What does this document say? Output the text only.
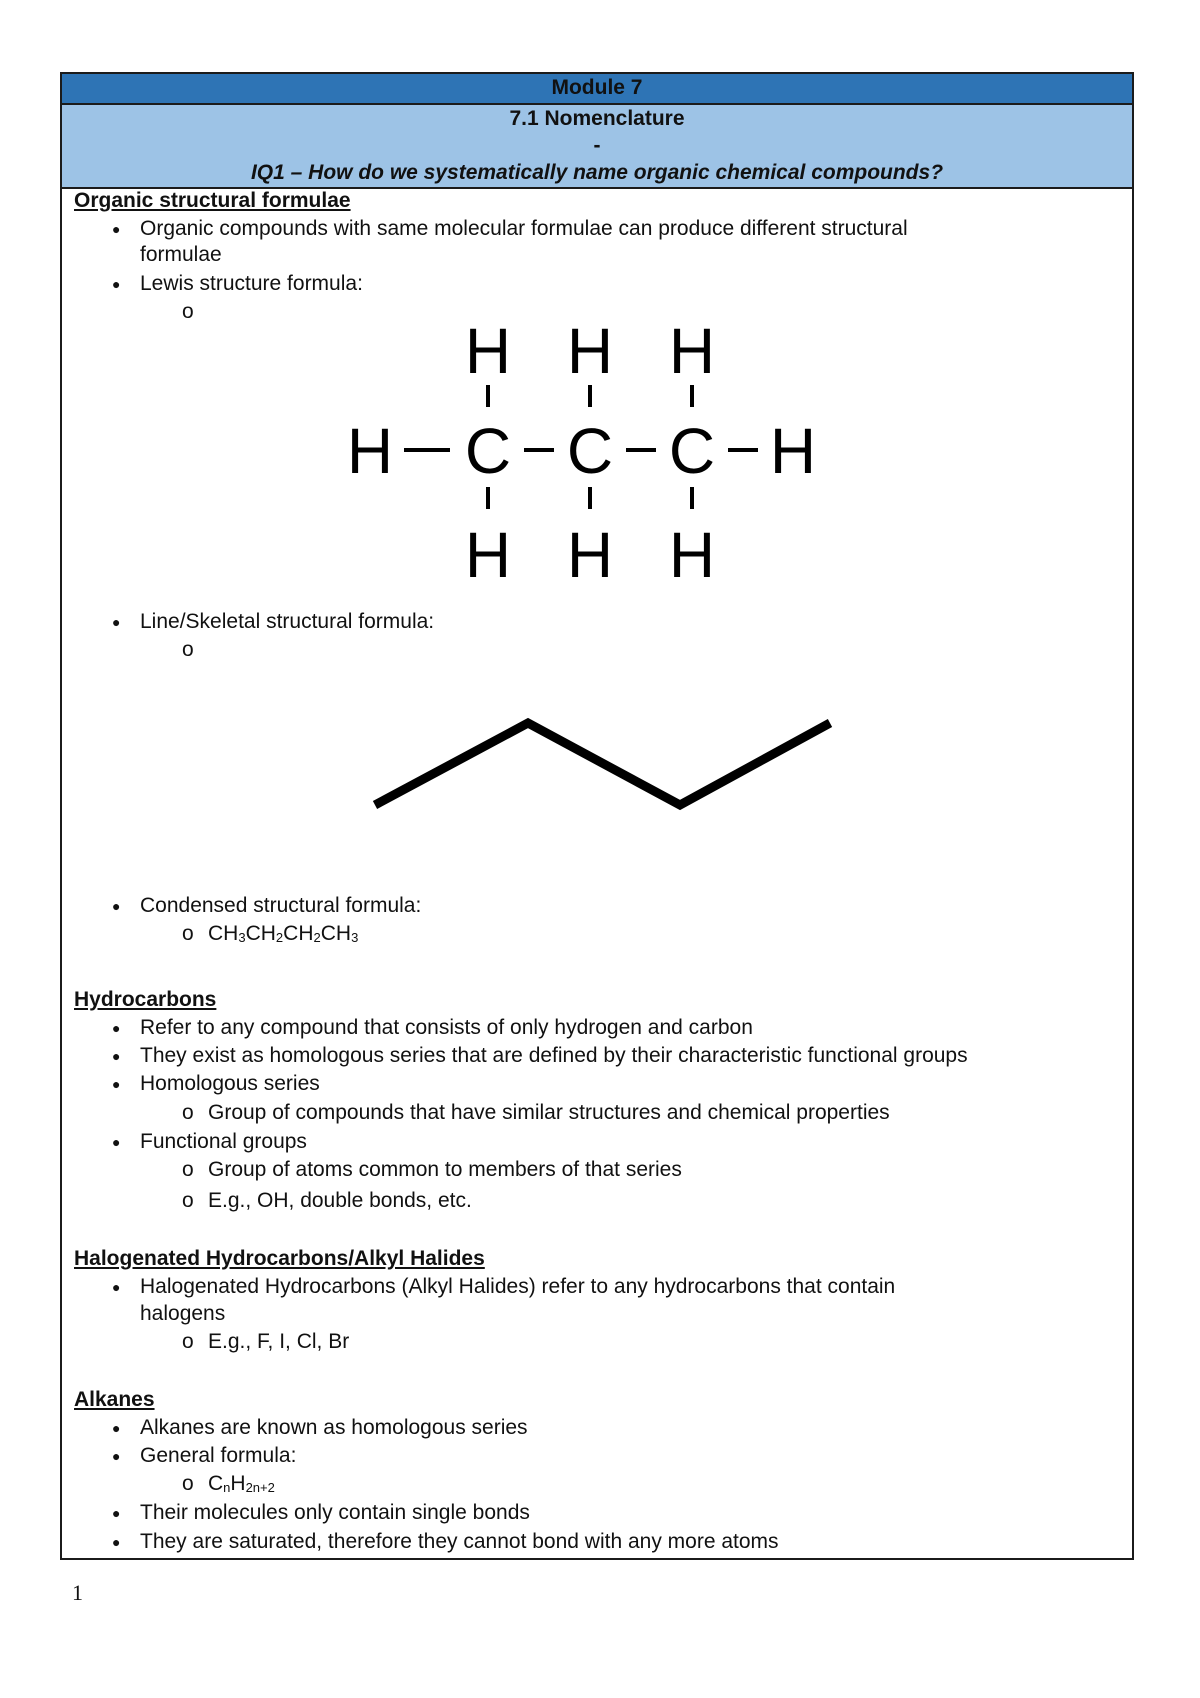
Module 7
7.1 Nomenclature
-
IQ1 – How do we systematically name organic chemical compounds?
Organic structural formulae
● Organic compounds with same molecular formulae can produce different structural
formulae
● Lewis structure formula:
o
● Line/Skeletal structural formula:
o
● Condensed structural formula:
o $CH_3CH_2CH_2CH_3$
Hydrocarbons
● Refer to any compound that consists of only hydrogen and carbon
● They exist as homologous series that are defined by their characteristic functional groups
● Homologous series
o Group of compounds that have similar structures and chemical properties
● Functional groups
o Group of atoms common to members of that series
o E.g., OH, double bonds, etc.
Halogenated Hydrocarbons/Alkyl Halides
● Halogenated Hydrocarbons (Alkyl Halides) refer to any hydrocarbons that contain
halogens
o E.g., F, I, Cl, Br
Alkanes
● Alkanes are known as homologous series
● General formula:
o $C_nH_{2n+2}$
● Their molecules only contain single bonds
● They are saturated, therefore they cannot bond with any more atoms
H H H
H C C C H
H H H
1
